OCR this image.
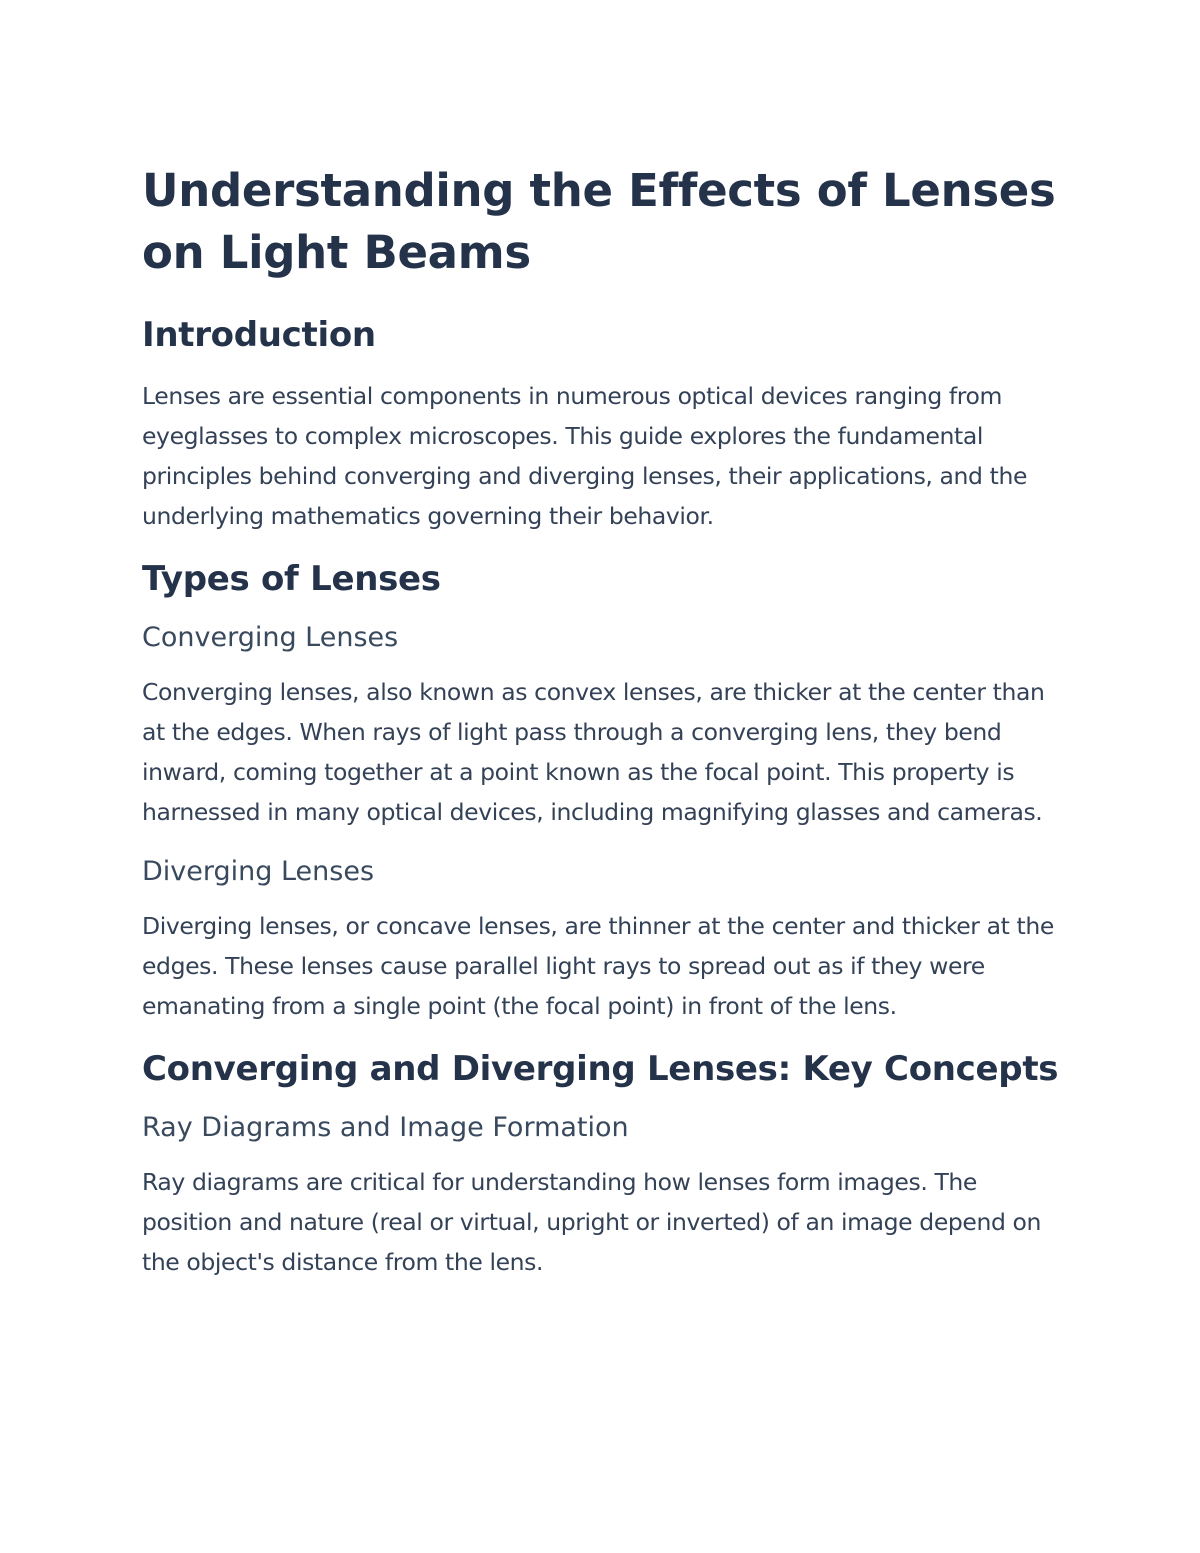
Understanding the Effects of Lenses on Light Beams
Introduction

Lenses are essential components in numerous optical devices ranging from eyeglasses to complex microscopes. This guide explores the fundamental principles behind converging and diverging lenses, their applications, and the underlying mathematics governing their behavior.

Types of Lenses
Converging Lenses

Converging lenses, also known as convex lenses, are thicker at the center than at the edges. When rays of light pass through a converging lens, they bend inward, coming together at a point known as the focal point. This property is harnessed in many optical devices, including magnifying glasses and cameras.

Diverging Lenses

Diverging lenses, or concave lenses, are thinner at the center and thicker at the edges. These lenses cause parallel light rays to spread out as if they were emanating from a single point (the focal point) in front of the lens.

Converging and Diverging Lenses: Key Concepts
Ray Diagrams and Image Formation

Ray diagrams are critical for understanding how lenses form images. The position and nature (real or virtual, upright or inverted) of an image depend on the object's distance from the lens.
